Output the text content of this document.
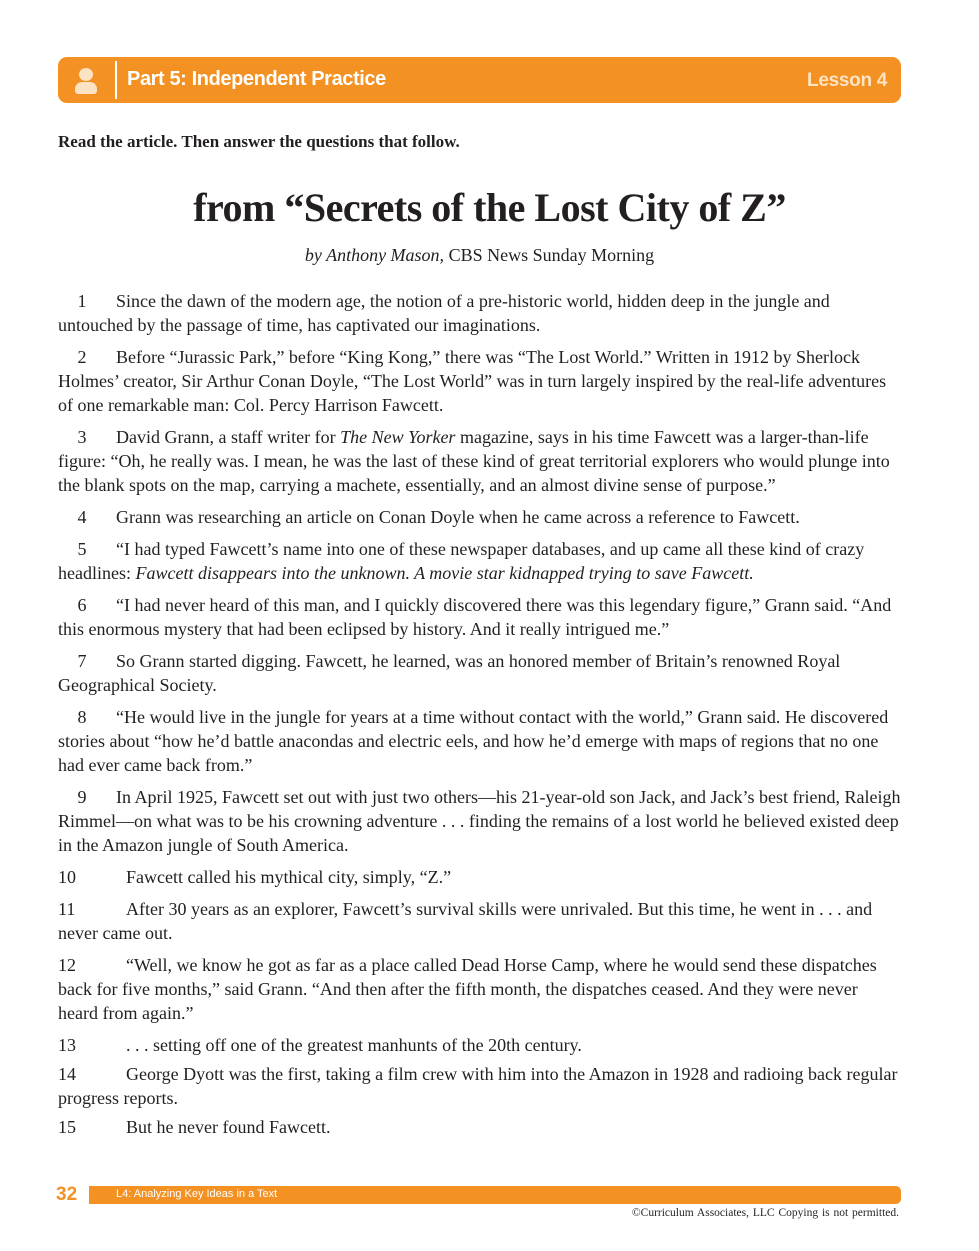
Part 5: Independent Practice	Lesson 4
Read the article. Then answer the questions that follow.
from “Secrets of the Lost City of Z”
by Anthony Mason, CBS News Sunday Morning

1 Since the dawn of the modern age, the notion of a pre-historic world, hidden deep in the jungle and untouched by the passage of time, has captivated our imaginations.

2 Before “Jurassic Park,” before “King Kong,” there was “The Lost World.” Written in 1912 by Sherlock Holmes’ creator, Sir Arthur Conan Doyle, “The Lost World” was in turn largely inspired by the real-life adventures of one remarkable man: Col. Percy Harrison Fawcett.

3 David Grann, a staff writer for The New Yorker magazine, says in his time Fawcett was a larger-than-life figure: “Oh, he really was. I mean, he was the last of these kind of great territorial explorers who would plunge into the blank spots on the map, carrying a machete, essentially, and an almost divine sense of purpose.”

4 Grann was researching an article on Conan Doyle when he came across a reference to Fawcett.

5 “I had typed Fawcett’s name into one of these newspaper databases, and up came all these kind of crazy headlines: Fawcett disappears into the unknown. A movie star kidnapped trying to save Fawcett.

6 “I had never heard of this man, and I quickly discovered there was this legendary figure,” Grann said. “And this enormous mystery that had been eclipsed by history. And it really intrigued me.”

7 So Grann started digging. Fawcett, he learned, was an honored member of Britain’s renowned Royal Geographical Society.

8 “He would live in the jungle for years at a time without contact with the world,” Grann said. He discovered stories about “how he’d battle anacondas and electric eels, and how he’d emerge with maps of regions that no one had ever came back from.”

9 In April 1925, Fawcett set out with just two others—his 21-year-old son Jack, and Jack’s best friend, Raleigh Rimmel—on what was to be his crowning adventure . . . finding the remains of a lost world he believed existed deep in the Amazon jungle of South America.

10	Fawcett called his mythical city, simply, “Z.”

11	After 30 years as an explorer, Fawcett’s survival skills were unrivaled. But this time, he went in . . . and never came out.

12	“Well, we know he got as far as a place called Dead Horse Camp, where he would send these dispatches back for five months,” said Grann. “And then after the fifth month, the dispatches ceased. And they were never heard from again.”

13	. . . setting off one of the greatest manhunts of the 20th century.

14	George Dyott was the first, taking a film crew with him into the Amazon in 1928 and radioing back regular progress reports.

15	But he never found Fawcett.

32	L4: Analyzing Key Ideas in a Text
©Curriculum Associates, LLC Copying is not permitted.
